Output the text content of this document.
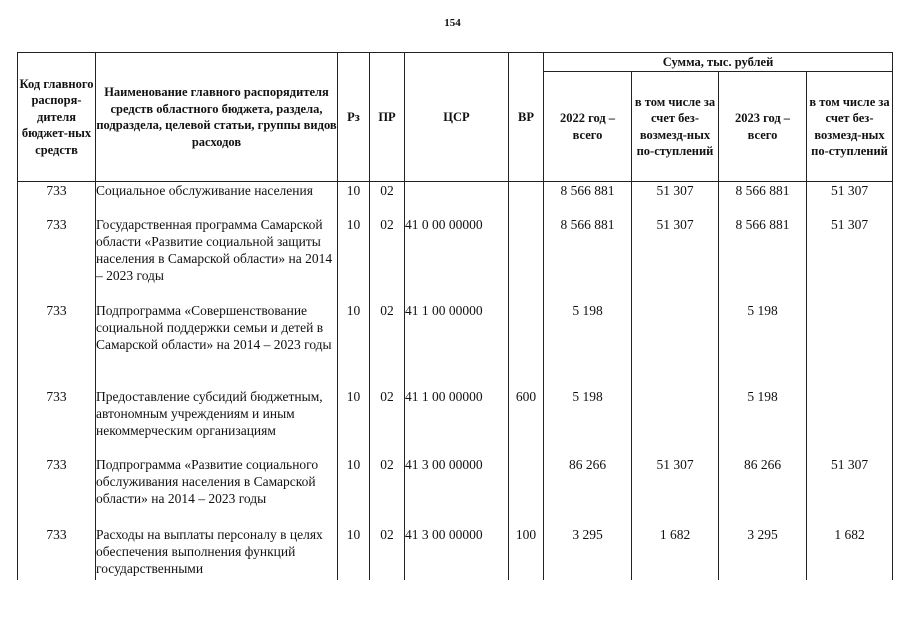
154
Код главного распоря-дителя бюджет-ных средств	Наименование главного распорядителя средств областного бюджета, раздела, подраздела, целевой статьи, группы видов расходов	Рз	ПР	ЦСР	ВР	Сумма, тыс. рублей			
						2022 год – всего	в том числе за счет без-возмезд-ных по-ступлений	2023 год – всего	в том числе за счет без-возмезд-ных по-ступлений
733	Социальное обслуживание населения	10	02			8 566 881	51 307	8 566 881	51 307
733	Государственная программа Самарской области «Развитие социальной защиты населения в Самарской области» на 2014 – 2023 годы	10	02	41 0 00 00000		8 566 881	51 307	8 566 881	51 307
733	Подпрограмма «Совершенствование социальной поддержки семьи и детей в Самарской области» на 2014 – 2023 годы	10	02	41 1 00 00000		5 198		5 198	
733	Предоставление субсидий бюджетным, автономным учреждениям и иным некоммерческим организациям	10	02	41 1 00 00000	600	5 198		5 198	
733	Подпрограмма «Развитие социального обслуживания населения в Самарской области» на 2014 – 2023 годы	10	02	41 3 00 00000		86 266	51 307	86 266	51 307
733	Расходы на выплаты персоналу в целях обеспечения выполнения функций государственными	10	02	41 3 00 00000	100	3 295	1 682	3 295	1 682
